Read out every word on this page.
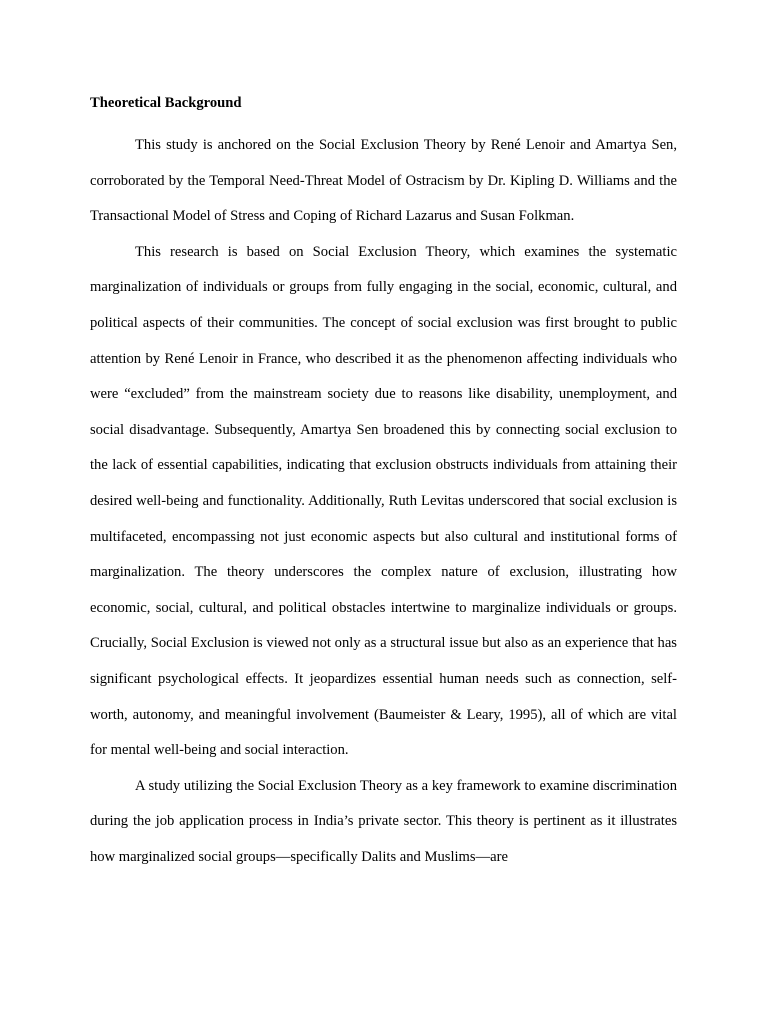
Theoretical Background

This study is anchored on the Social Exclusion Theory by René Lenoir and Amartya Sen, corroborated by the Temporal Need-Threat Model of Ostracism by Dr. Kipling D. Williams and the Transactional Model of Stress and Coping of Richard Lazarus and Susan Folkman.

This research is based on Social Exclusion Theory, which examines the systematic marginalization of individuals or groups from fully engaging in the social, economic, cultural, and political aspects of their communities. The concept of social exclusion was first brought to public attention by René Lenoir in France, who described it as the phenomenon affecting individuals who were “excluded” from the mainstream society due to reasons like disability, unemployment, and social disadvantage. Subsequently, Amartya Sen broadened this by connecting social exclusion to the lack of essential capabilities, indicating that exclusion obstructs individuals from attaining their desired well-being and functionality. Additionally, Ruth Levitas underscored that social exclusion is multifaceted, encompassing not just economic aspects but also cultural and institutional forms of marginalization. The theory underscores the complex nature of exclusion, illustrating how economic, social, cultural, and political obstacles intertwine to marginalize individuals or groups. Crucially, Social Exclusion is viewed not only as a structural issue but also as an experience that has significant psychological effects. It jeopardizes essential human needs such as connection, self-worth, autonomy, and meaningful involvement (Baumeister & Leary, 1995), all of which are vital for mental well-being and social interaction.

A study utilizing the Social Exclusion Theory as a key framework to examine discrimination during the job application process in India’s private sector. This theory is pertinent as it illustrates how marginalized social groups—specifically Dalits and Muslims—are
